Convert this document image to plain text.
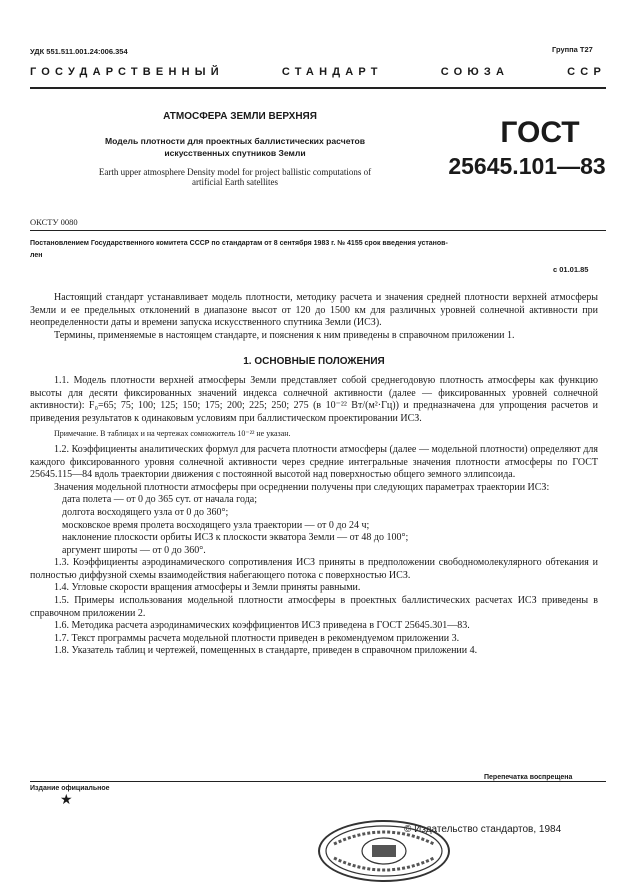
УДК 551.511.001.24:006.354	Группа Т27
ГОСУДАРСТВЕННЫЙ	СТАНДАРТ	СОЮЗА	ССР
АТМОСФЕРА ЗЕМЛИ ВЕРХНЯЯ
Модель плотности для проектных баллистических расчетов
искусственных спутников Земли
Earth upper atmosphere Density model for project ballistic computations of
artificial Earth satellites
ГОСТ
25645.101—83
ОКСТУ 0080
Постановлением Государственного комитета СССР по стандартам от 8 сентября 1983 г. № 4155 срок введения установ-
лен
с 01.01.85

Настоящий стандарт устанавливает модель плотности, методику расчета и значения средней плотности верхней атмосферы Земли и ее предельных отклонений в диапазоне высот от 120 до 1500 км для различных уровней солнечной активности при неопределенности даты и времени запуска искусственного спутника Земли (ИСЗ).

Термины, применяемые в настоящем стандарте, и пояснения к ним приведены в справочном приложении 1.

1. ОСНОВНЫЕ ПОЛОЖЕНИЯ

1.1. Модель плотности верхней атмосферы Земли представляет собой среднегодовую плотность атмосферы как функцию высоты для десяти фиксированных значений индекса солнечной активности (далее — фиксированных уровней солнечной активности): F₀=65; 75; 100; 125; 150; 175; 200; 225; 250; 275 (в 10⁻²² Вт/(м²·Гц)) и предназначена для упрощения расчетов и приведения результатов к одинаковым условиям при баллистическом проектировании ИСЗ.

Примечание. В таблицах и на чертежах сомножитель 10⁻²² не указан.

1.2. Коэффициенты аналитических формул для расчета плотности атмосферы (далее — модельной плотности) определяют для каждого фиксированного уровня солнечной активности через средние интегральные значения плотности атмосферы по ГОСТ 25645.115—84 вдоль траектории движения с постоянной высотой над поверхностью общего земного эллипсоида.

Значения модельной плотности атмосферы при осреднении получены при следующих параметрах траектории ИСЗ:

дата полета — от 0 до 365 сут. от начала года;

долгота восходящего узла от 0 до 360°;

московское время пролета восходящего узла траектории — от 0 до 24 ч;

наклонение плоскости орбиты ИСЗ к плоскости экватора Земли — от 48 до 100°;

аргумент широты — от 0 до 360°.

1.3. Коэффициенты аэродинамического сопротивления ИСЗ приняты в предположении свободномолекулярного обтекания и полностью диффузной схемы взаимодействия набегающего потока с поверхностью ИСЗ.

1.4. Угловые скорости вращения атмосферы и Земли приняты равными.

1.5. Примеры использования модельной плотности атмосферы в проектных баллистических расчетах ИСЗ приведены в справочном приложении 2.

1.6. Методика расчета аэродинамических коэффициентов ИСЗ приведена в ГОСТ 25645.301—83.

1.7. Текст программы расчета модельной плотности приведен в рекомендуемом приложении 3.

1.8. Указатель таблиц и чертежей, помещенных в стандарте, приведен в справочном приложении 4.

Издание официальное
★
Перепечатка воспрещена
© Издательство стандартов, 1984
